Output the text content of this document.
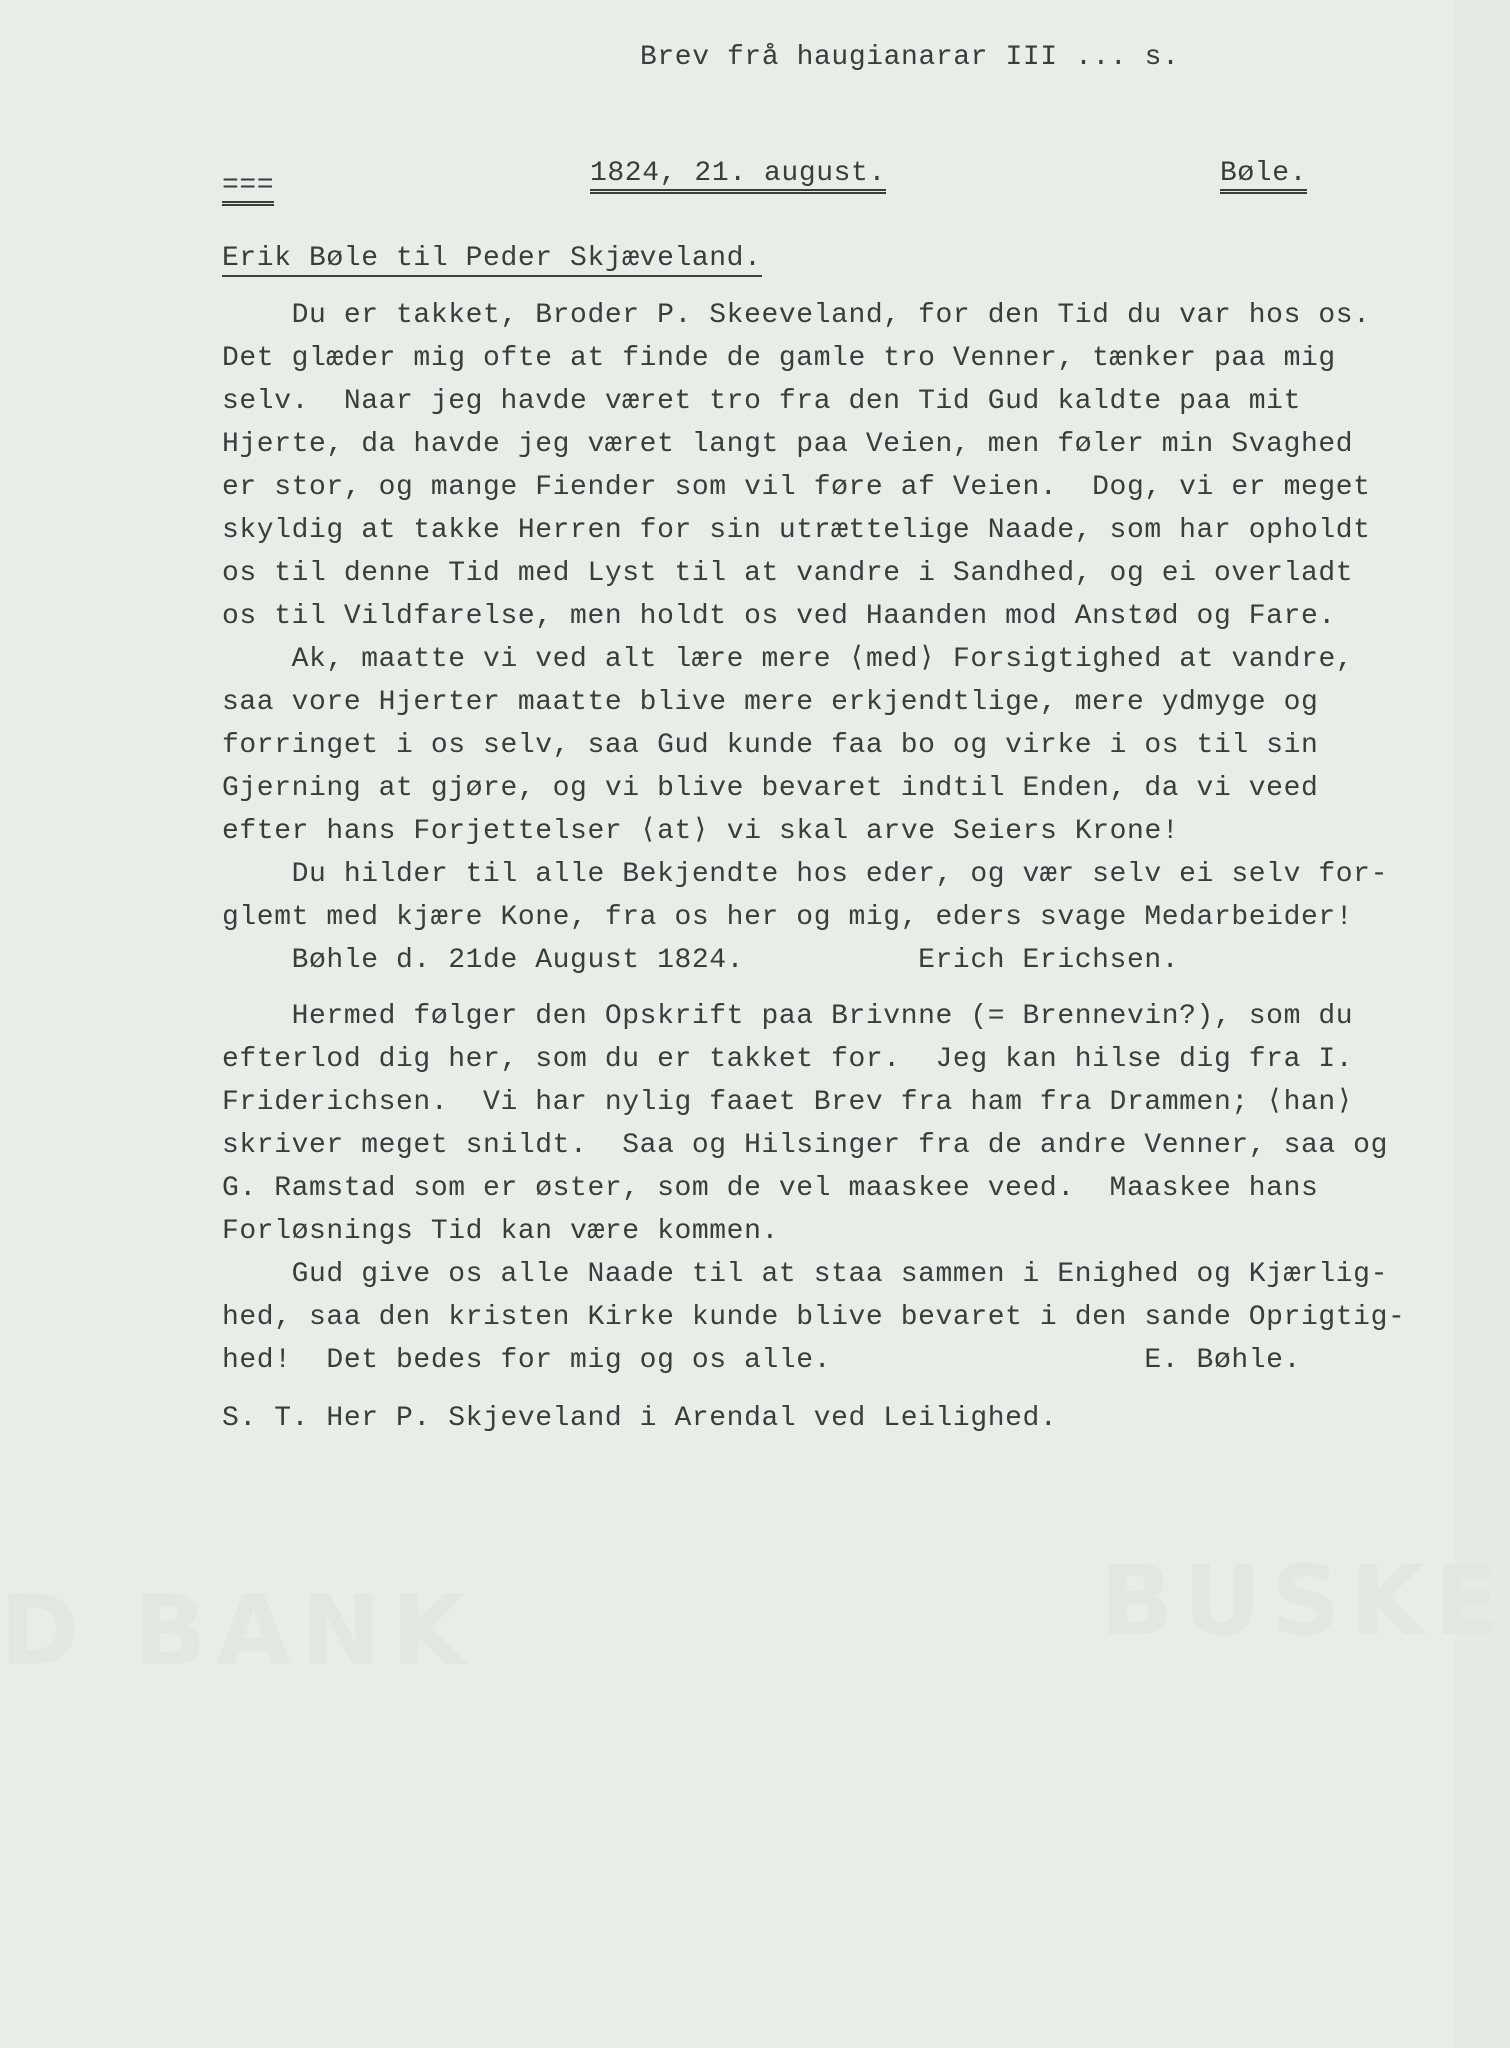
D BANK	BUSKE
Brev frå haugianarar III ... s.
===	1824, 21. august.	Bøle.
Erik Bøle til Peder Skjæveland.
Du er takket, Broder P. Skeeveland, for den Tid du var hos os.
Det glæder mig ofte at finde de gamle tro Venner, tænker paa mig
selv.  Naar jeg havde været tro fra den Tid Gud kaldte paa mit
Hjerte, da havde jeg været langt paa Veien, men føler min Svaghed
er stor, og mange Fiender som vil føre af Veien.  Dog, vi er meget
skyldig at takke Herren for sin utrættelige Naade, som har opholdt
os til denne Tid med Lyst til at vandre i Sandhed, og ei overladt
os til Vildfarelse, men holdt os ved Haanden mod Anstød og Fare.
Ak, maatte vi ved alt lære mere ⟨med⟩ Forsigtighed at vandre,
saa vore Hjerter maatte blive mere erkjendtlige, mere ydmyge og
forringet i os selv, saa Gud kunde faa bo og virke i os til sin
Gjerning at gjøre, og vi blive bevaret indtil Enden, da vi veed
efter hans Forjettelser ⟨at⟩ vi skal arve Seiers Krone!
Du hilder til alle Bekjendte hos eder, og vær selv ei selv for-
glemt med kjære Kone, fra os her og mig, eders svage Medarbeider!
Bøhle d. 21de August 1824.          Erich Erichsen.
Hermed følger den Opskrift paa Brivnne (= Brennevin?), som du
efterlod dig her, som du er takket for.  Jeg kan hilse dig fra I.
Friderichsen.  Vi har nylig faaet Brev fra ham fra Drammen; ⟨han⟩
skriver meget snildt.  Saa og Hilsinger fra de andre Venner, saa og
G. Ramstad som er øster, som de vel maaskee veed.  Maaskee hans
Forløsnings Tid kan være kommen.
Gud give os alle Naade til at staa sammen i Enighed og Kjærlig-
hed, saa den kristen Kirke kunde blive bevaret i den sande Oprigtig-
hed!  Det bedes for mig og os alle.                  E. Bøhle.
S. T. Her P. Skjeveland i Arendal ved Leilighed.
